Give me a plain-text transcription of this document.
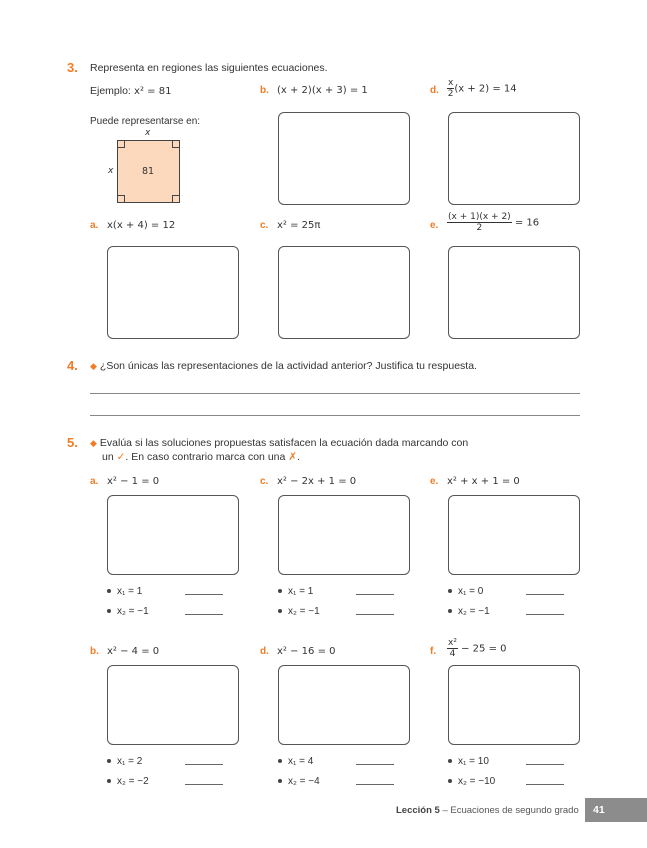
3. Representa en regiones las siguientes ecuaciones.
Ejemplo: x² = 81
Puede representarse en:
x
x	81
b. (x + 2)(x + 3) = 1	d. $\frac{x}{2} (x + 2) = 14$
a. x(x + 4) = 12	c. x² = 25π	e. $\frac{(x + 1)(x + 2)}{2} = 16$
4. ◆ ¿Son únicas las representaciones de la actividad anterior? Justifica tu respuesta.
5. ◆ Evalúa si las soluciones propuestas satisfacen la ecuación dada marcando con
un ✓. En caso contrario marca con una ✗.
a. x² − 1 = 0
x₁ = 1
x₂ = −1
c. x² − 2x + 1 = 0
x₁ = 1
x₂ = −1
e. x² + x + 1 = 0
x₁ = 0
x₂ = −1
b. x² − 4 = 0
x₁ = 2
x₂ = −2
d. x² − 16 = 0
x₁ = 4
x₂ = −4
f. $\frac{\text{x²}}{4} - 25 = 0$
x₁ = 10
x₂ = −10
Lección 5 – Ecuaciones de segundo grado 41
